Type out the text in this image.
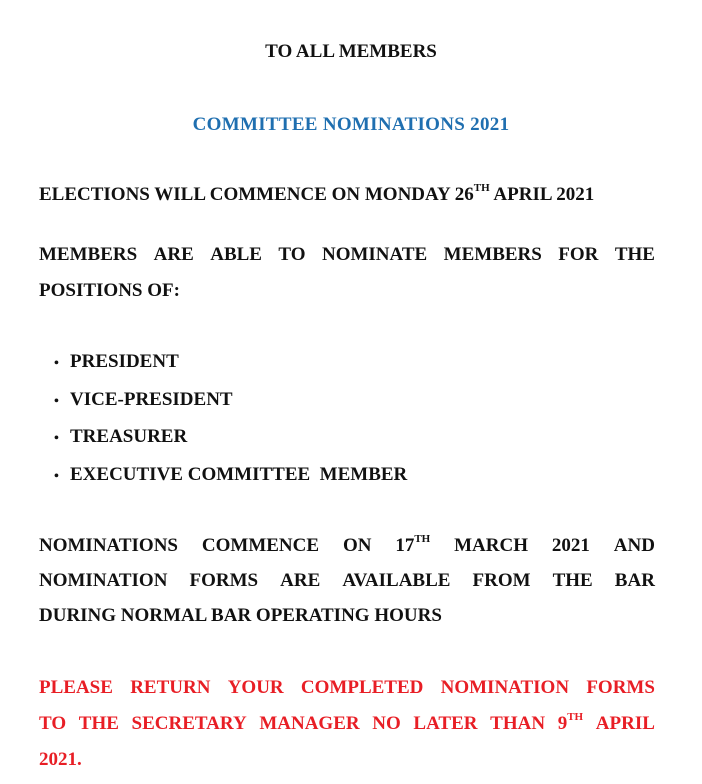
TO ALL MEMBERS
COMMITTEE NOMINATIONS 2021
ELECTIONS WILL COMMENCE ON MONDAY 26TH APRIL 2021
MEMBERS ARE ABLE TO NOMINATE MEMBERS FOR THE
POSITIONS OF:
• PRESIDENT
• VICE-PRESIDENT
• TREASURER
• EXECUTIVE COMMITTEE  MEMBER
NOMINATIONS COMMENCE ON 17TH MARCH 2021 AND
NOMINATION FORMS ARE AVAILABLE FROM THE BAR
DURING NORMAL BAR OPERATING HOURS
PLEASE RETURN YOUR COMPLETED NOMINATION FORMS
TO THE SECRETARY MANAGER NO LATER THAN 9TH APRIL
2021.
